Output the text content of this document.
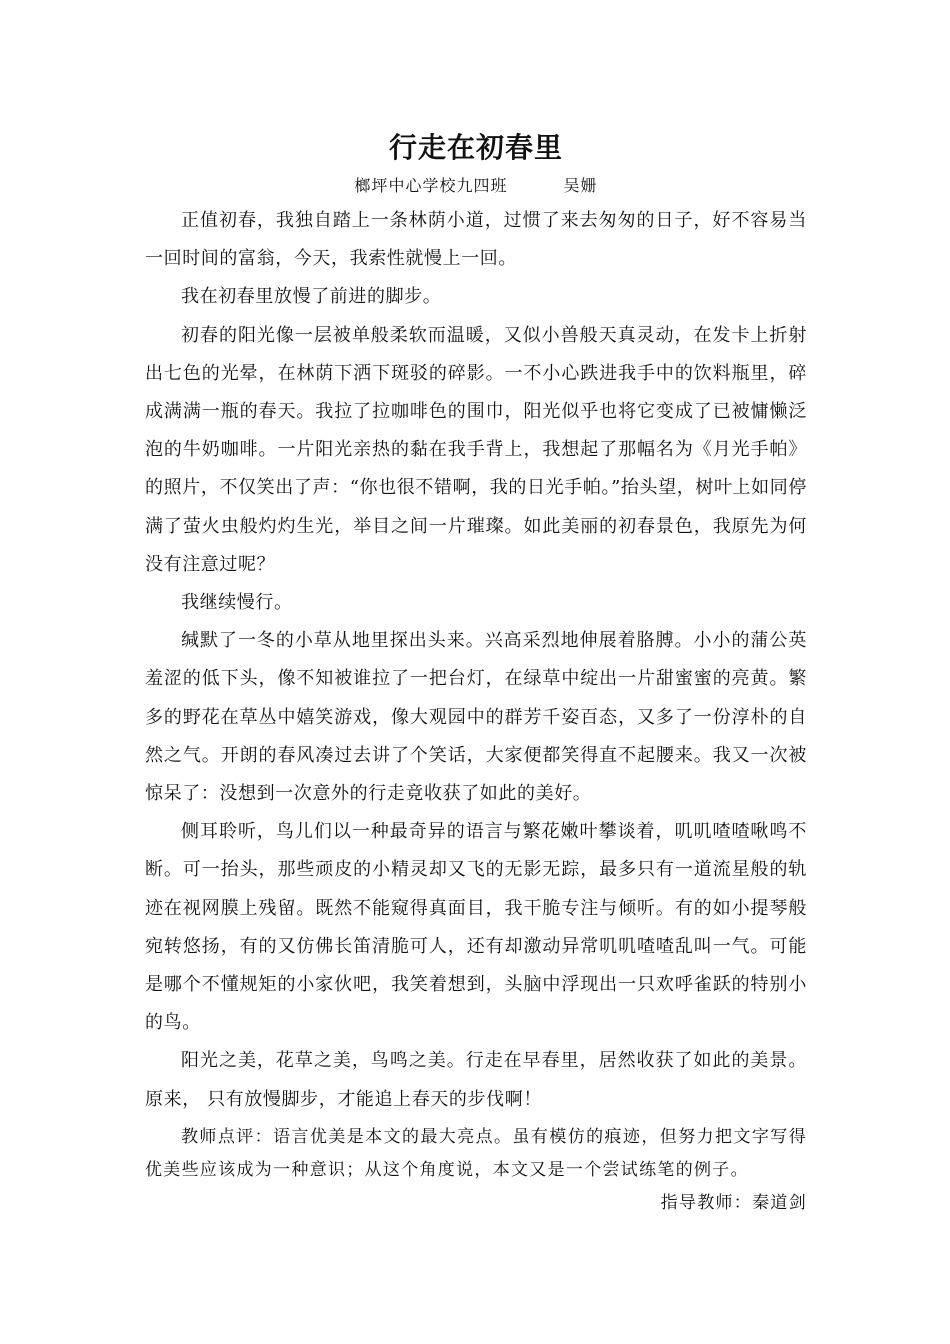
行走在初春里
榔坪中心学校九四班	吴姗

正值初春，我独自踏上一条林荫小道，过惯了来去匆匆的日子，好不容易当一回时间的富翁，今天，我索性就慢上一回。

我在初春里放慢了前进的脚步。

初春的阳光像一层被单般柔软而温暖，又似小兽般天真灵动，在发卡上折射出七色的光晕，在林荫下洒下斑驳的碎影。一不小心跌进我手中的饮料瓶里，碎成满满一瓶的春天。我拉了拉咖啡色的围巾，阳光似乎也将它变成了已被慵懒泛泡的牛奶咖啡。一片阳光亲热的黏在我手背上，我想起了那幅名为《月光手帕》的照片，不仅笑出了声：“你也很不错啊，我的日光手帕。”抬头望，树叶上如同停满了萤火虫般灼灼生光，举目之间一片璀璨。如此美丽的初春景色，我原先为何没有注意过呢？

我继续慢行。

缄默了一冬的小草从地里探出头来。兴高采烈地伸展着胳膊。小小的蒲公英羞涩的低下头，像不知被谁拉了一把台灯，在绿草中绽出一片甜蜜蜜的亮黄。繁多的野花在草丛中嬉笑游戏，像大观园中的群芳千姿百态，又多了一份淳朴的自然之气。开朗的春风凑过去讲了个笑话，大家便都笑得直不起腰来。我又一次被惊呆了：没想到一次意外的行走竟收获了如此的美好。

侧耳聆听，鸟儿们以一种最奇异的语言与繁花嫩叶攀谈着，叽叽喳喳啾鸣不断。可一抬头，那些顽皮的小精灵却又飞的无影无踪，最多只有一道流星般的轨迹在视网膜上残留。既然不能窥得真面目，我干脆专注与倾听。有的如小提琴般宛转悠扬，有的又仿佛长笛清脆可人，还有却激动异常叽叽喳喳乱叫一气。可能是哪个不懂规矩的小家伙吧，我笑着想到，头脑中浮现出一只欢呼雀跃的特别小的鸟。

阳光之美，花草之美，鸟鸣之美。行走在早春里，居然收获了如此的美景。原来， 只有放慢脚步，才能追上春天的步伐啊！

教师点评：语言优美是本文的最大亮点。虽有模仿的痕迹，但努力把文字写得优美些应该成为一种意识；从这个角度说，本文又是一个尝试练笔的例子。

指导教师：秦道剑
